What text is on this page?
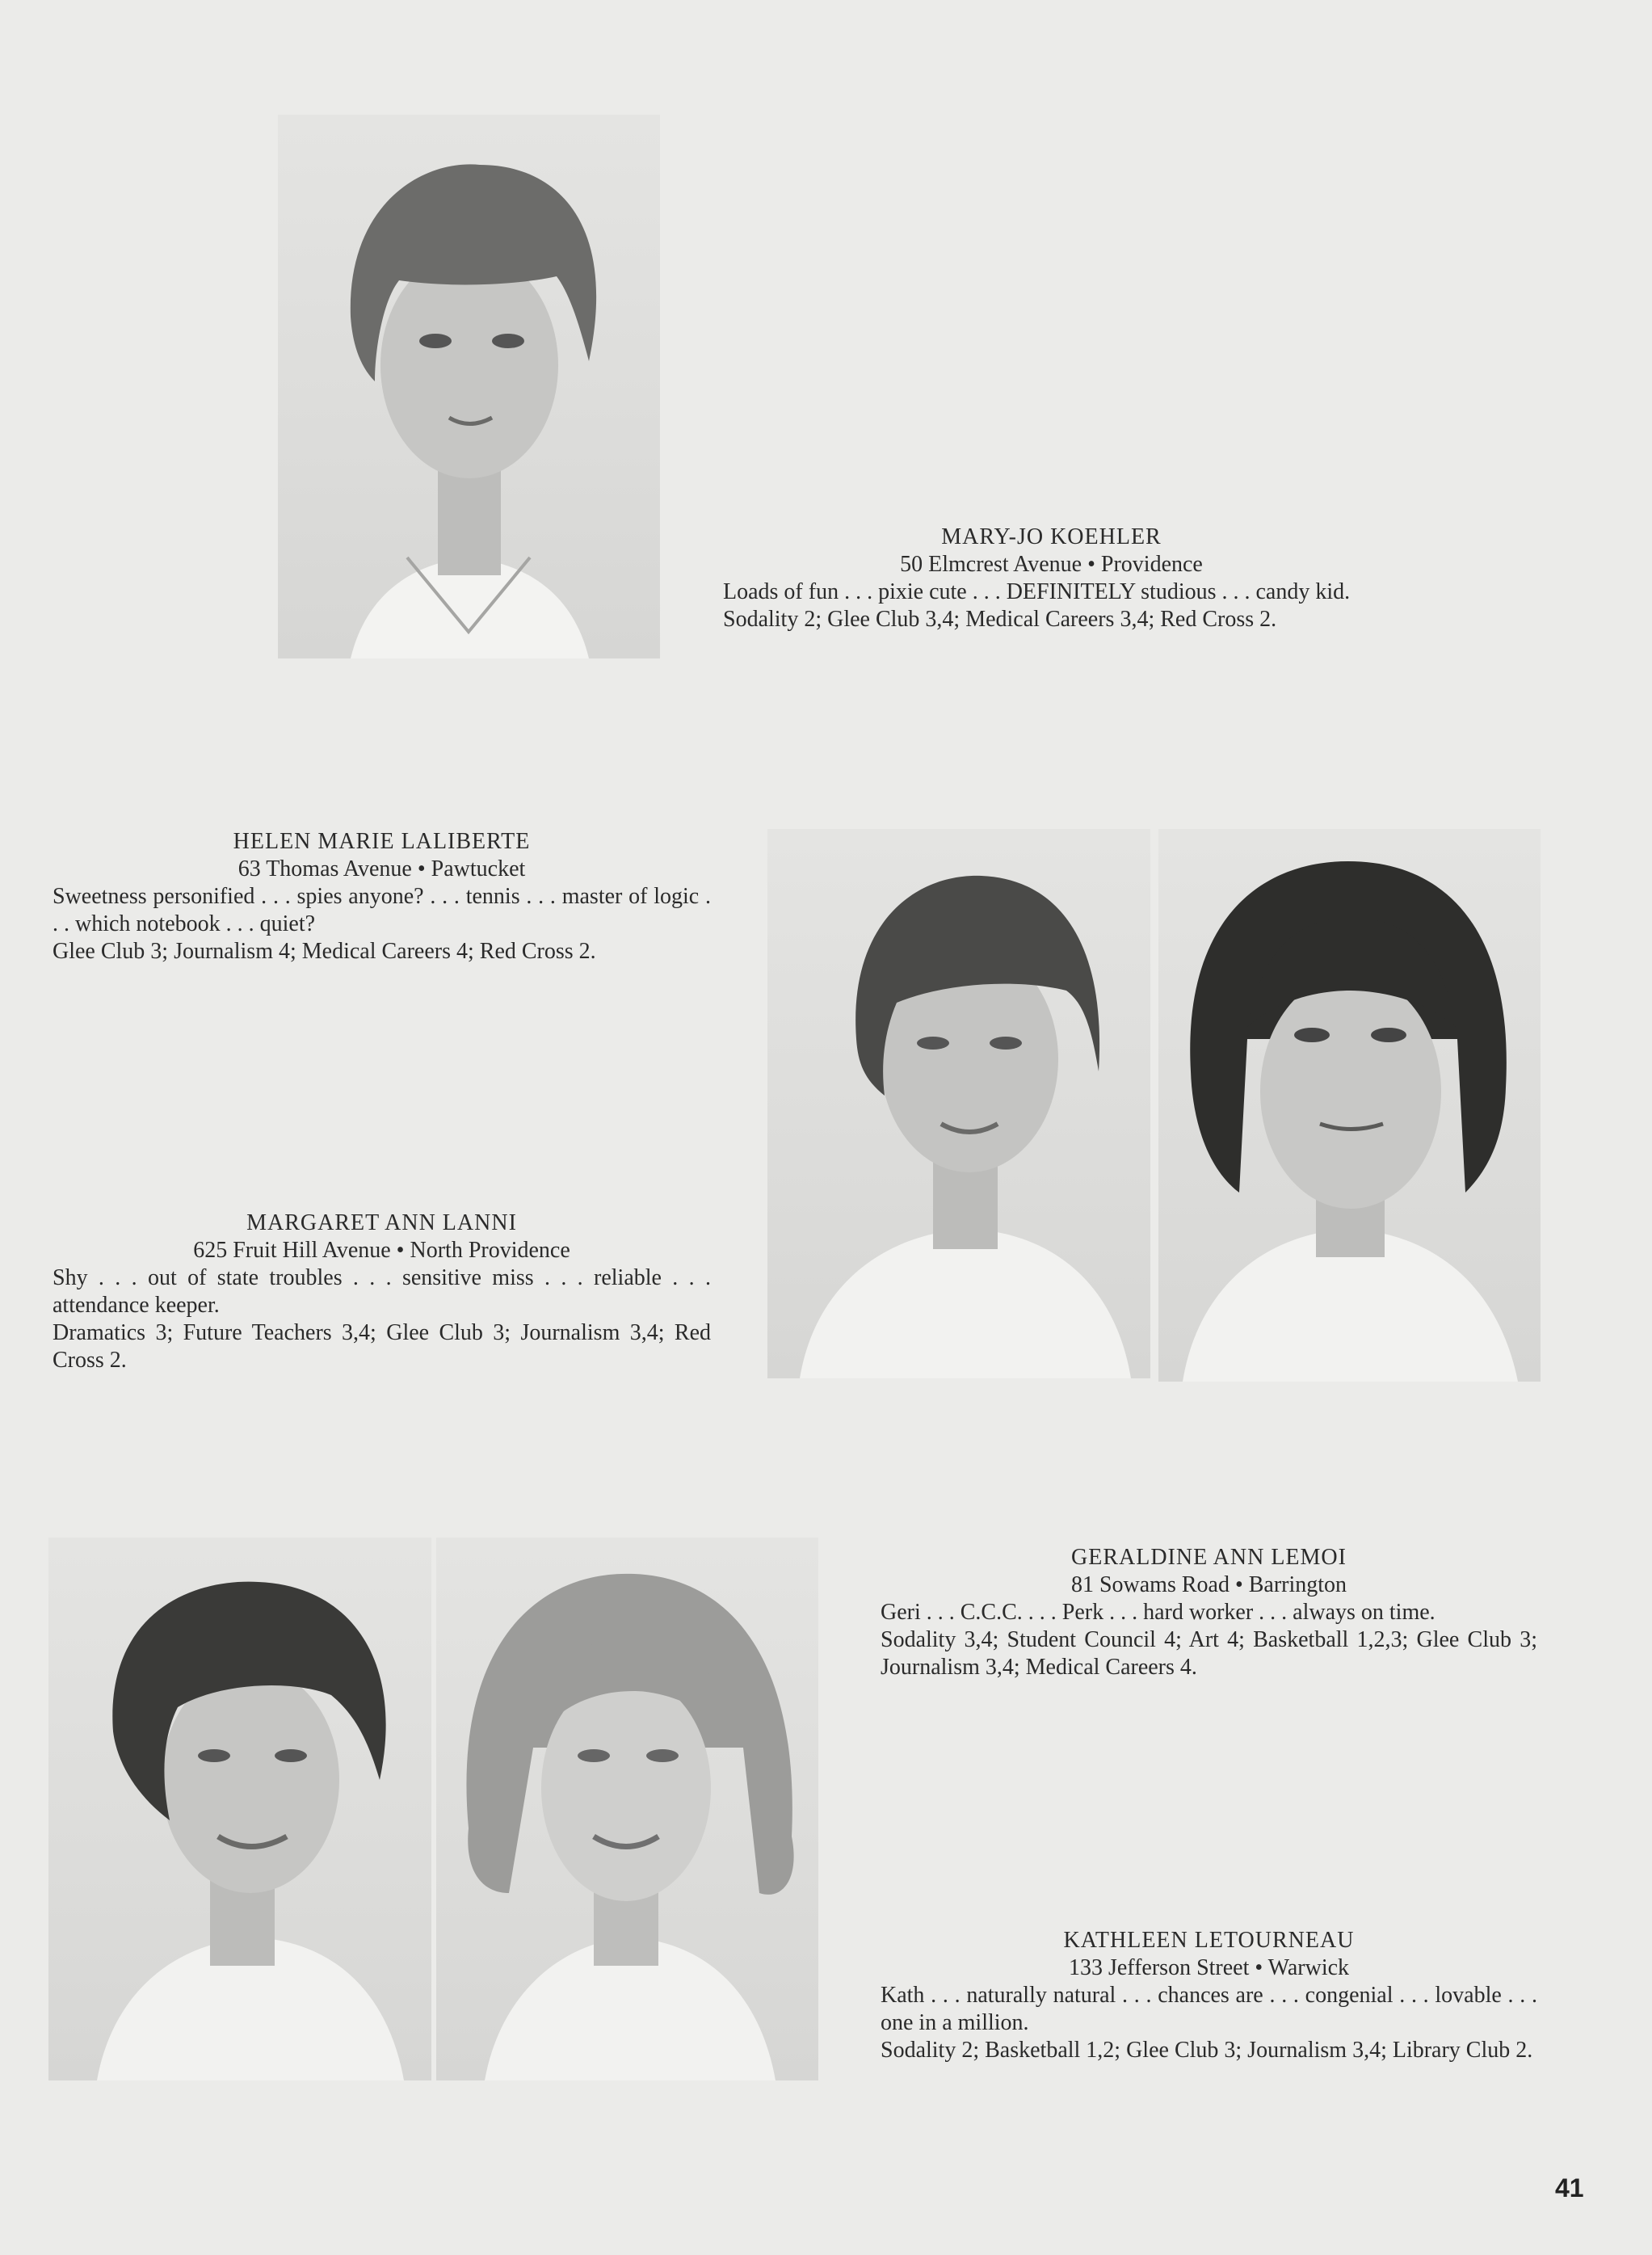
MARY-JO KOEHLER
50 Elmcrest Avenue • Providence
Loads of fun . . . pixie cute . . . DEFINITELY studious . . . candy kid.
Sodality 2; Glee Club 3,4; Medical Careers 3,4; Red Cross 2.
HELEN MARIE LALIBERTE
63 Thomas Avenue • Pawtucket
Sweetness personified . . . spies anyone? . . . tennis . . . master of logic . . . which notebook . . . quiet?
Glee Club 3; Journalism 4; Medical Careers 4; Red Cross 2.
MARGARET ANN LANNI
625 Fruit Hill Avenue • North Providence
Shy . . . out of state troubles . . . sensitive miss . . . reliable . . . attendance keeper.
Dramatics 3; Future Teachers 3,4; Glee Club 3; Journalism 3,4; Red Cross 2.
GERALDINE ANN LEMOI
81 Sowams Road • Barrington
Geri . . . C.C.C. . . . Perk . . . hard worker . . . always on time.
Sodality 3,4; Student Council 4; Art 4; Basketball 1,2,3; Glee Club 3; Journalism 3,4; Medical Careers 4.
KATHLEEN LETOURNEAU
133 Jefferson Street • Warwick
Kath . . . naturally natural . . . chances are . . . congenial . . . lovable . . . one in a million.
Sodality 2; Basketball 1,2; Glee Club 3; Journalism 3,4; Library Club 2.
41
